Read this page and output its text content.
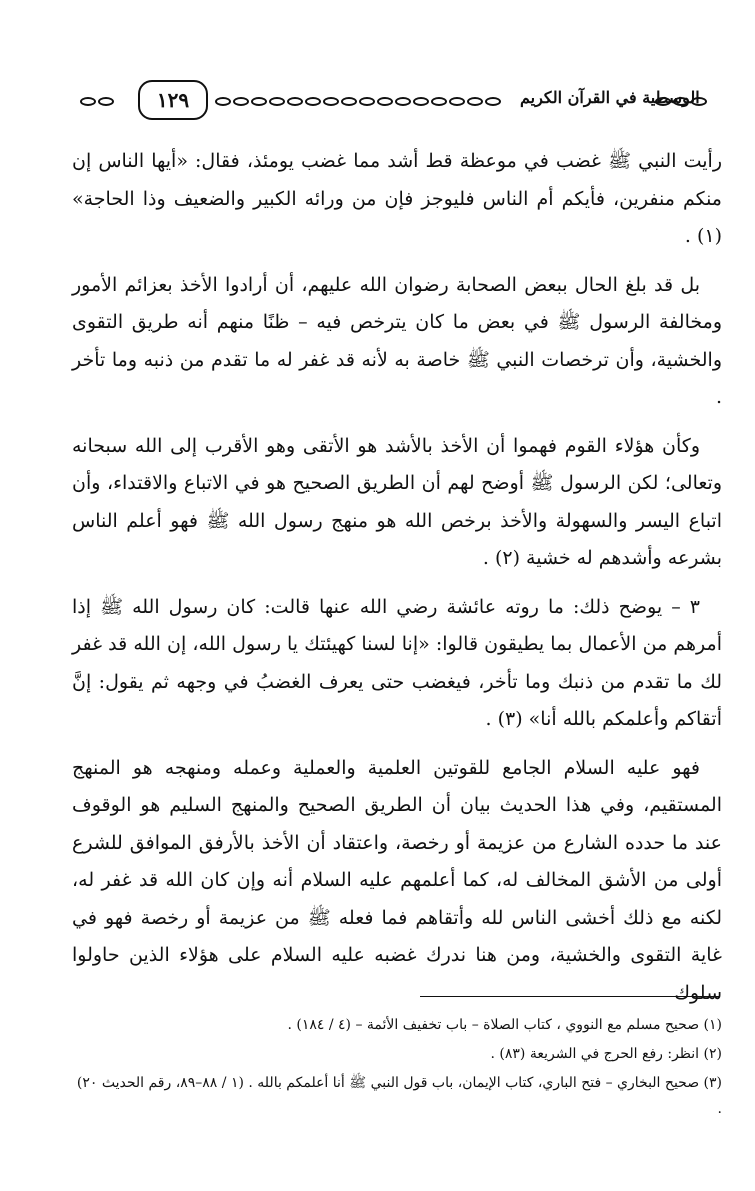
١٢٩	الوسطية في القرآن الكريم

رأيت النبي ﷺ غضب في موعظة قط أشد مما غضب يومئذ، فقال: «أيها الناس إن منكم منفرين، فأيكم أم الناس فليوجز فإن من ورائه الكبير والضعيف وذا الحاجة» (١) .

بل قد بلغ الحال ببعض الصحابة رضوان الله عليهم، أن أرادوا الأخذ بعزائم الأمور ومخالفة الرسول ﷺ في بعض ما كان يترخص فيه – ظنًا منهم أنه طريق التقوى والخشية، وأن ترخصات النبي ﷺ خاصة به لأنه قد غفر له ما تقدم من ذنبه وما تأخر .

وكأن هؤلاء القوم فهموا أن الأخذ بالأشد هو الأتقى وهو الأقرب إلى الله سبحانه وتعالى؛ لكن الرسول ﷺ أوضح لهم أن الطريق الصحيح هو في الاتباع والاقتداء، وأن اتباع اليسر والسهولة والأخذ برخص الله هو منهج رسول الله ﷺ فهو أعلم الناس بشرعه وأشدهم له خشية (٢) .

٣ – يوضح ذلك: ما روته عائشة رضي الله عنها قالت: كان رسول الله ﷺ إذا أمرهم من الأعمال بما يطيقون قالوا: «إنا لسنا كهيئتك يا رسول الله، إن الله قد غفر لك ما تقدم من ذنبك وما تأخر، فيغضب حتى يعرف الغضبُ في وجهه ثم يقول: إنَّ أتقاكم وأعلمكم بالله أنا» (٣) .

فهو عليه السلام الجامع للقوتين العلمية والعملية وعمله ومنهجه هو المنهج المستقيم، وفي هذا الحديث بيان أن الطريق الصحيح والمنهج السليم هو الوقوف عند ما حدده الشارع من عزيمة أو رخصة، واعتقاد أن الأخذ بالأرفق الموافق للشرع أولى من الأشق المخالف له، كما أعلمهم عليه السلام أنه وإن كان الله قد غفر له، لكنه مع ذلك أخشى الناس لله وأتقاهم فما فعله ﷺ من عزيمة أو رخصة فهو في غاية التقوى والخشية، ومن هنا ندرك غضبه عليه السلام على هؤلاء الذين حاولوا سلوك

(١) صحيح مسلم مع النووي ، كتاب الصلاة – باب تخفيف الأئمة – (٤ / ١٨٤) .

(٢) انظر: رفع الحرج في الشريعة (٨٣) .

(٣) صحيح البخاري – فتح الباري، كتاب الإيمان، باب قول النبي ﷺ أنا أعلمكم بالله . (١ / ٨٨–٨٩، رقم الحديث ٢٠) .
